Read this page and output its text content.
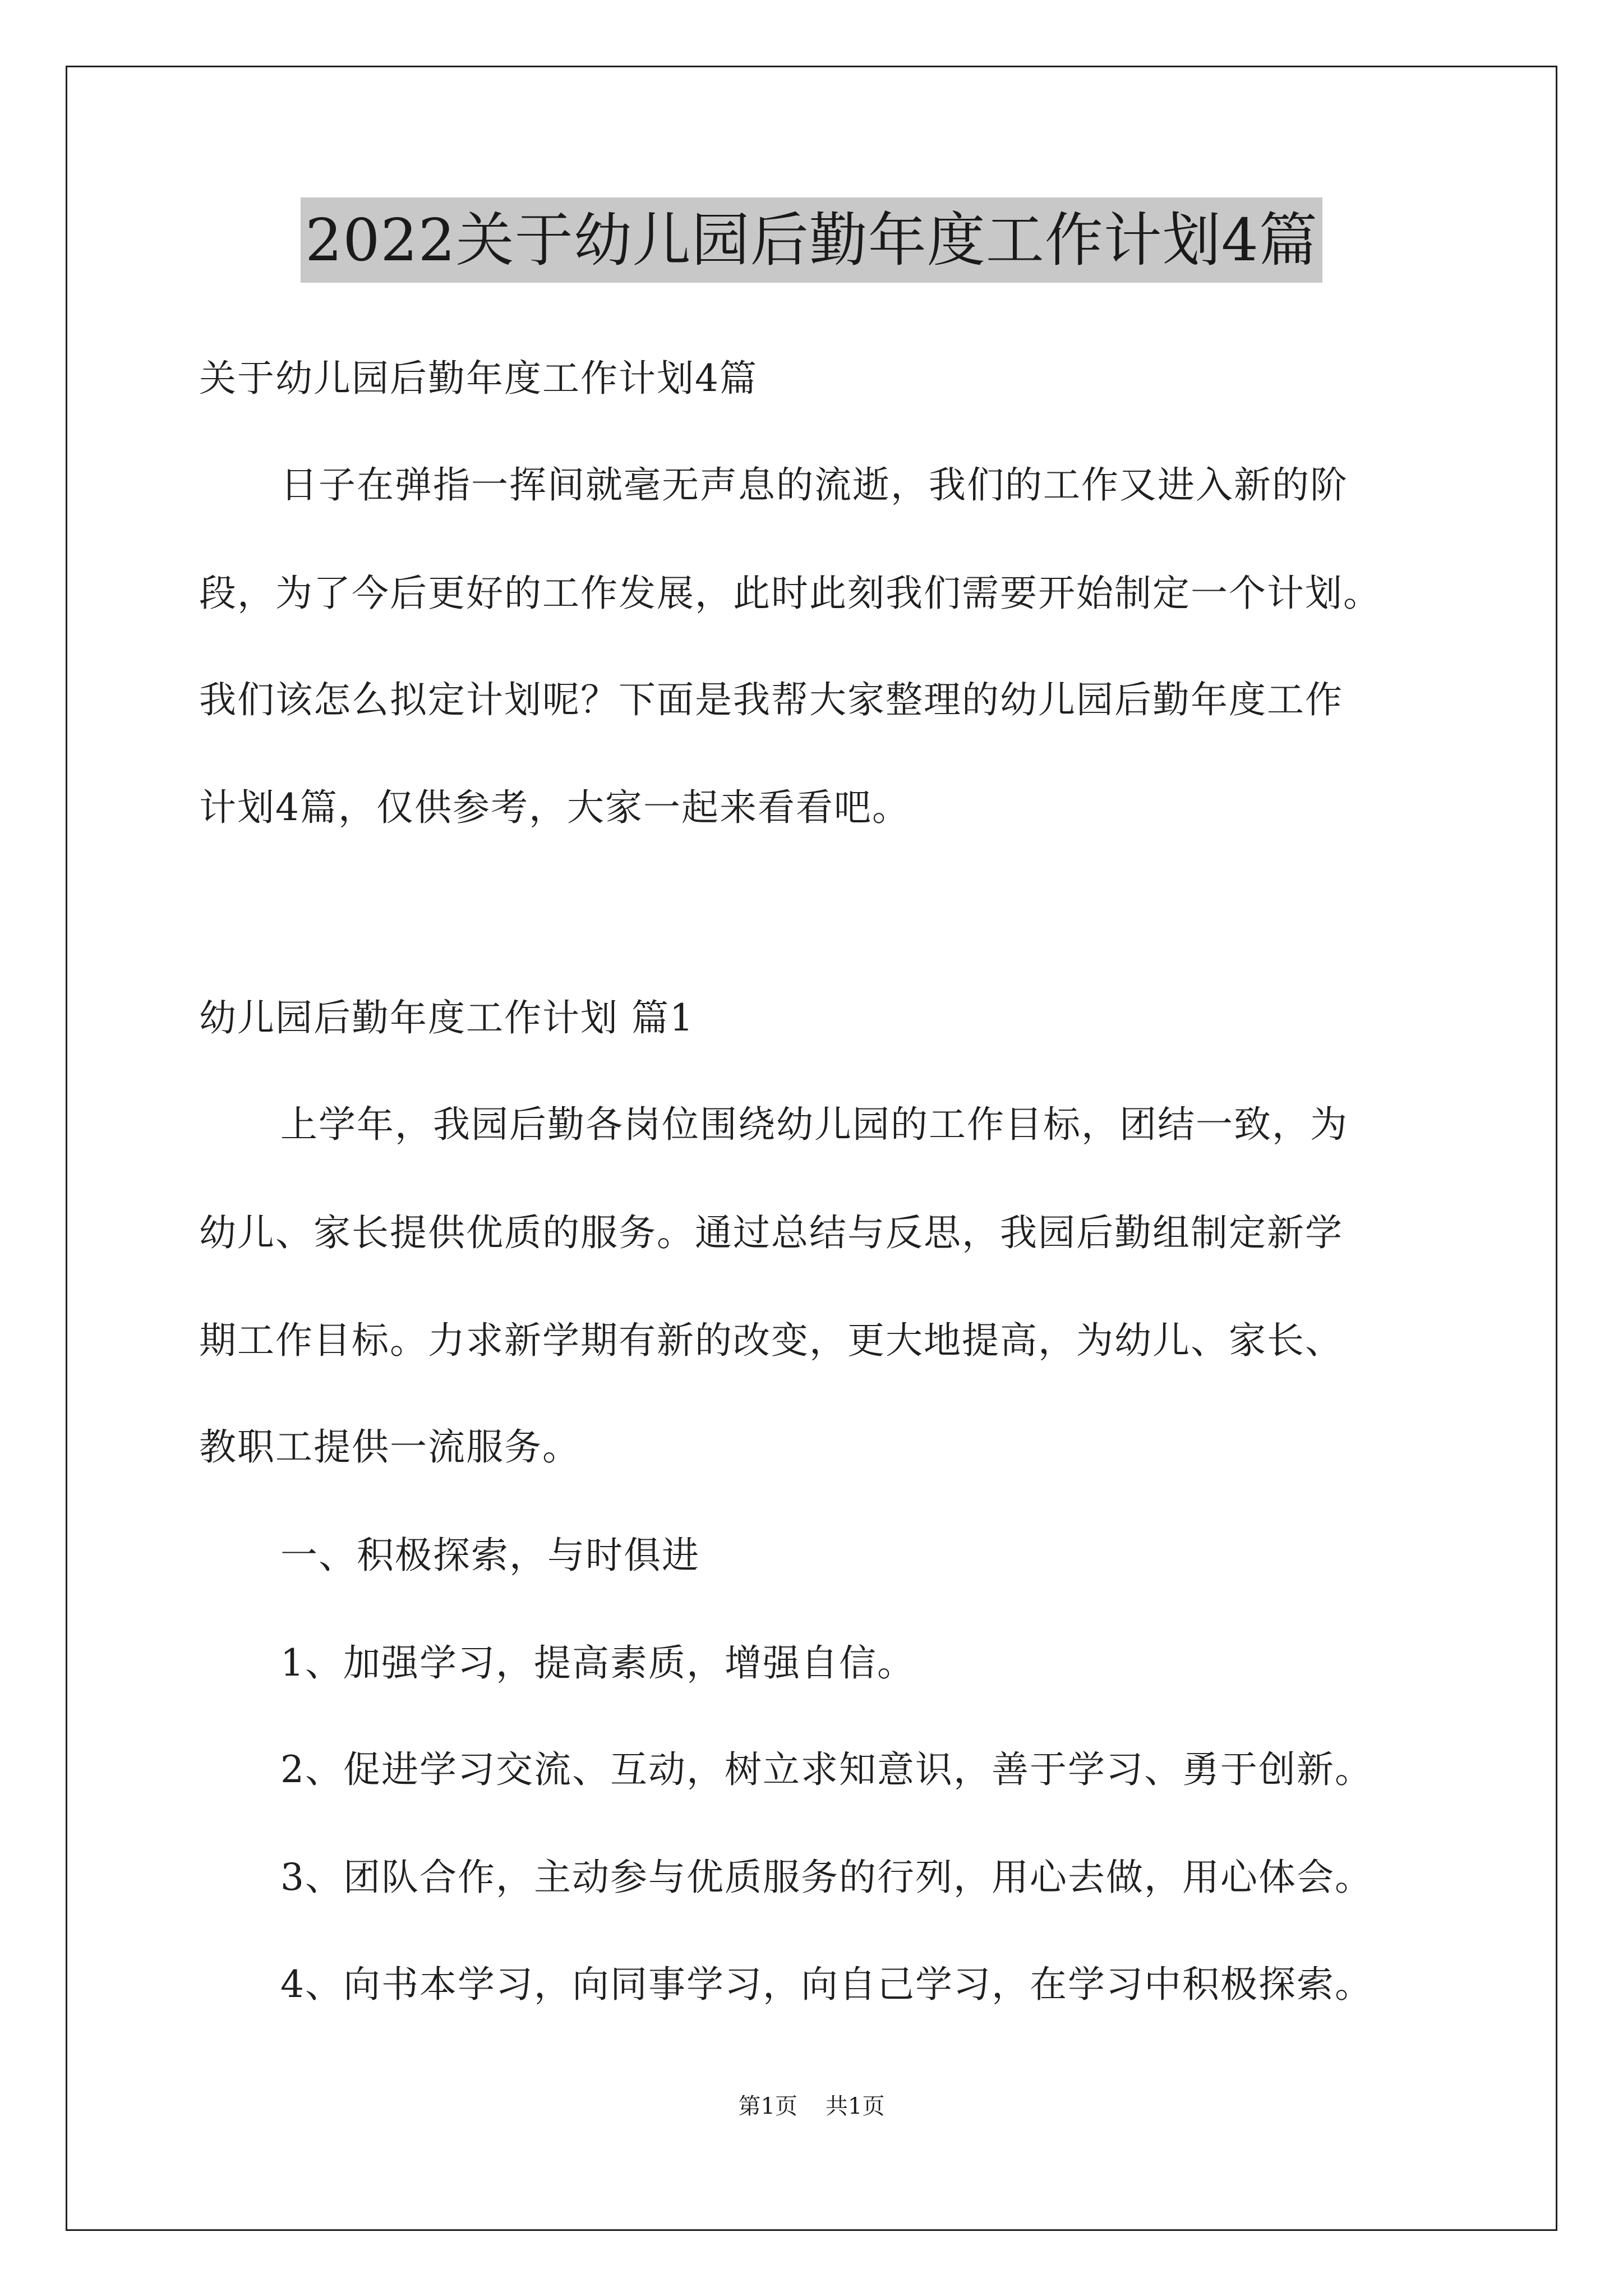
2022关于幼儿园后勤年度工作计划4篇
关于幼儿园后勤年度工作计划4篇
日子在弹指一挥间就毫无声息的流逝，我们的工作又进入新的阶
段，为了今后更好的工作发展，此时此刻我们需要开始制定一个计划。
我们该怎么拟定计划呢？下面是我帮大家整理的幼儿园后勤年度工作
计划4篇，仅供参考，大家一起来看看吧。
幼儿园后勤年度工作计划 篇1
上学年，我园后勤各岗位围绕幼儿园的工作目标，团结一致，为
幼儿、家长提供优质的服务。通过总结与反思，我园后勤组制定新学
期工作目标。力求新学期有新的改变，更大地提高，为幼儿、家长、
教职工提供一流服务。
一、积极探索，与时俱进
1、加强学习，提高素质，增强自信。
2、促进学习交流、互动，树立求知意识，善于学习、勇于创新。
3、团队合作，主动参与优质服务的行列，用心去做，用心体会。
4、向书本学习，向同事学习，向自己学习，在学习中积极探索。
第1页 共1页
